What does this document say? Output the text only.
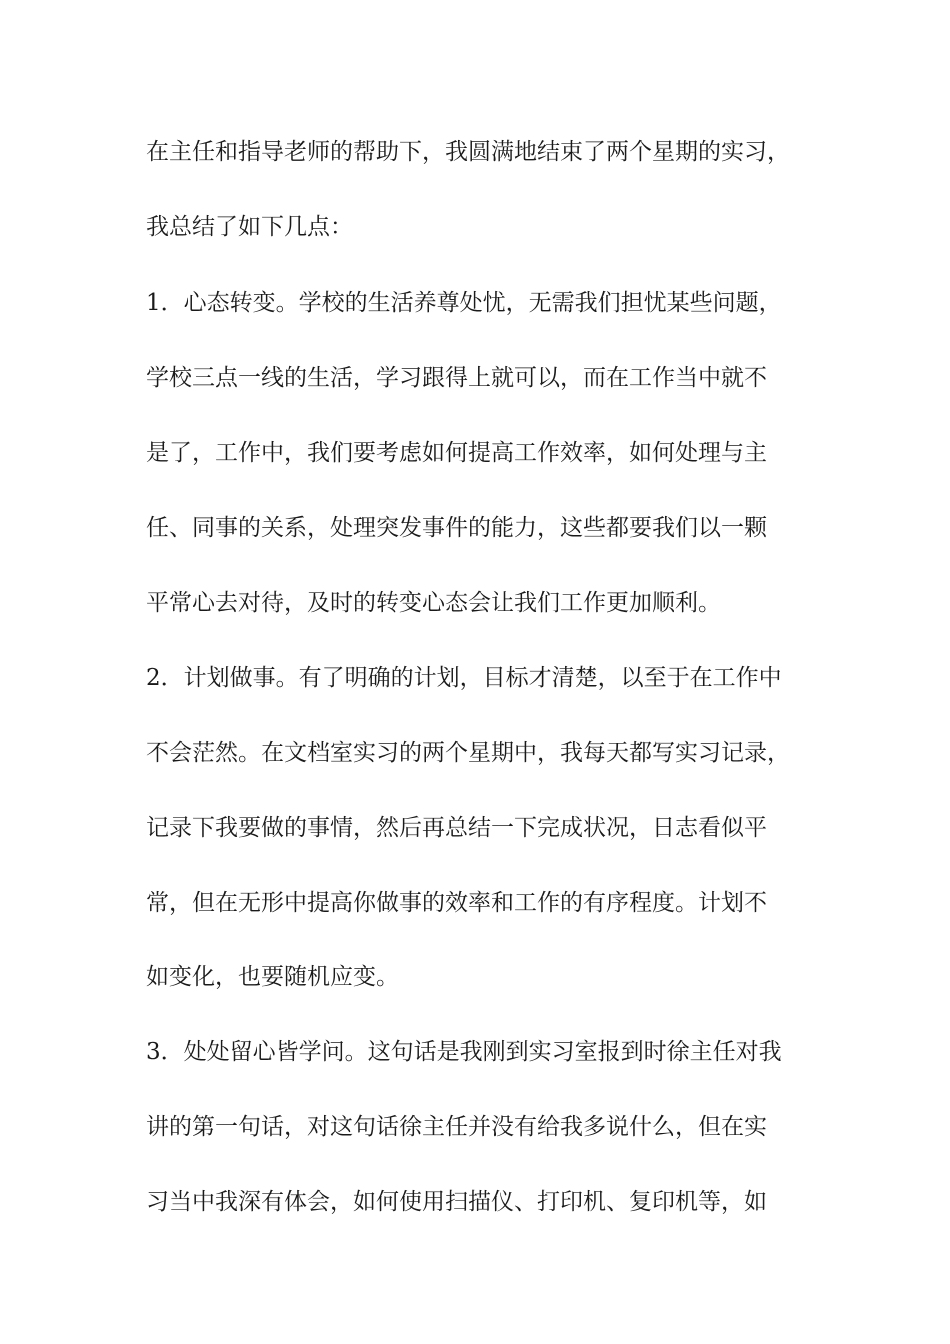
在主任和指导老师的帮助下，我圆满地结束了两个星期的实习，
我总结了如下几点：
1．心态转变。学校的生活养尊处忧，无需我们担忧某些问题，
学校三点一线的生活，学习跟得上就可以，而在工作当中就不
是了，工作中，我们要考虑如何提高工作效率，如何处理与主
任、同事的关系，处理突发事件的能力，这些都要我们以一颗
平常心去对待，及时的转变心态会让我们工作更加顺利。
2．计划做事。有了明确的计划，目标才清楚，以至于在工作中
不会茫然。在文档室实习的两个星期中，我每天都写实习记录，
记录下我要做的事情，然后再总结一下完成状况，日志看似平
常，但在无形中提高你做事的效率和工作的有序程度。计划不
如变化，也要随机应变。
3．处处留心皆学问。这句话是我刚到实习室报到时徐主任对我
讲的第一句话，对这句话徐主任并没有给我多说什么，但在实
习当中我深有体会，如何使用扫描仪、打印机、复印机等，如
